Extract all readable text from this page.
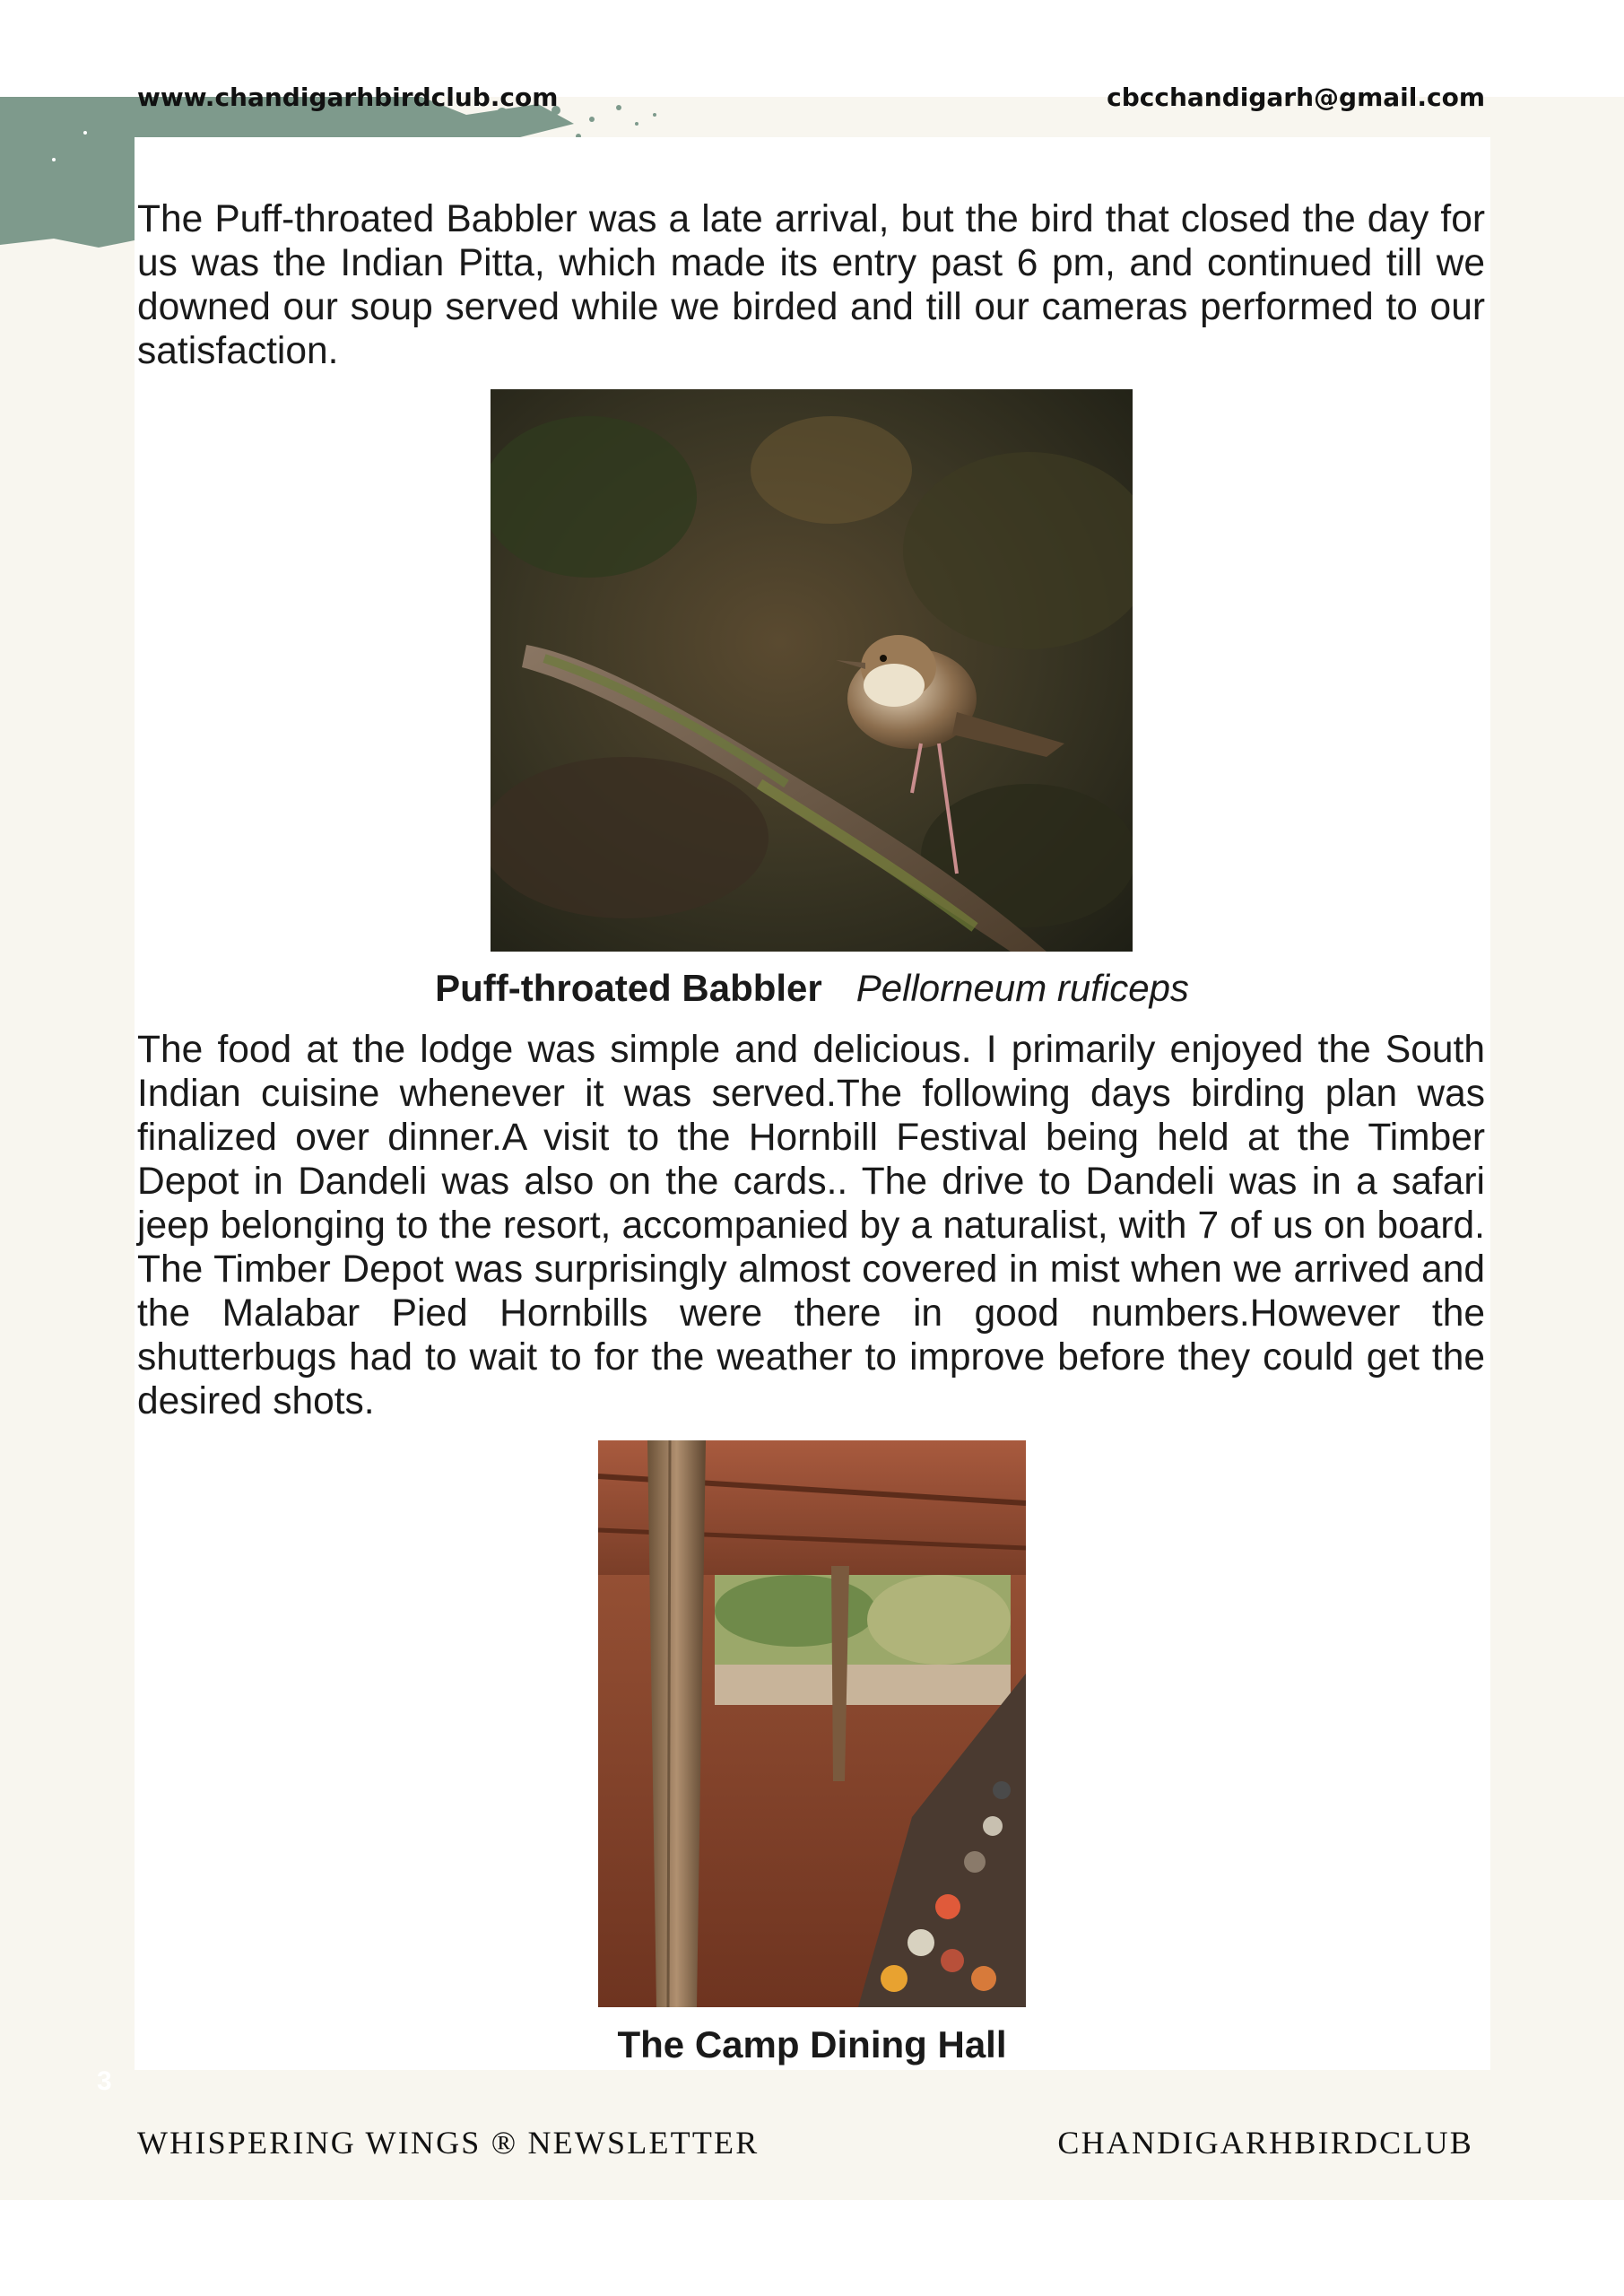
www.chandigarhbirdclub.com	cbcchandigarh@gmail.com

The Puff-throated Babbler was a late arrival, but the bird that closed the day for us was the Indian Pitta, which made its entry past 6 pm, and continued till we downed our soup served while we birded and till our cameras performed to our satisfaction.

Puff-throated Babbler Pellorneum ruficeps

The food at the lodge was simple and delicious. I primarily enjoyed the South Indian cuisine whenever it was served.The following days birding plan was finalized over dinner.A visit to the Hornbill Festival being held at the Timber Depot in Dandeli was also on the cards.. The drive to Dandeli was in a safari jeep belonging to the resort, accompanied by a naturalist, with 7 of us on board. The Timber Depot was surprisingly almost covered in mist when we arrived and the Malabar Pied Hornbills were there in good numbers.However the shutterbugs had to wait to for the weather to improve before they could get the desired shots.

The Camp Dining Hall
3
WHISPERING WINGS ® NEWSLETTER	CHANDIGARHBIRDCLUB
